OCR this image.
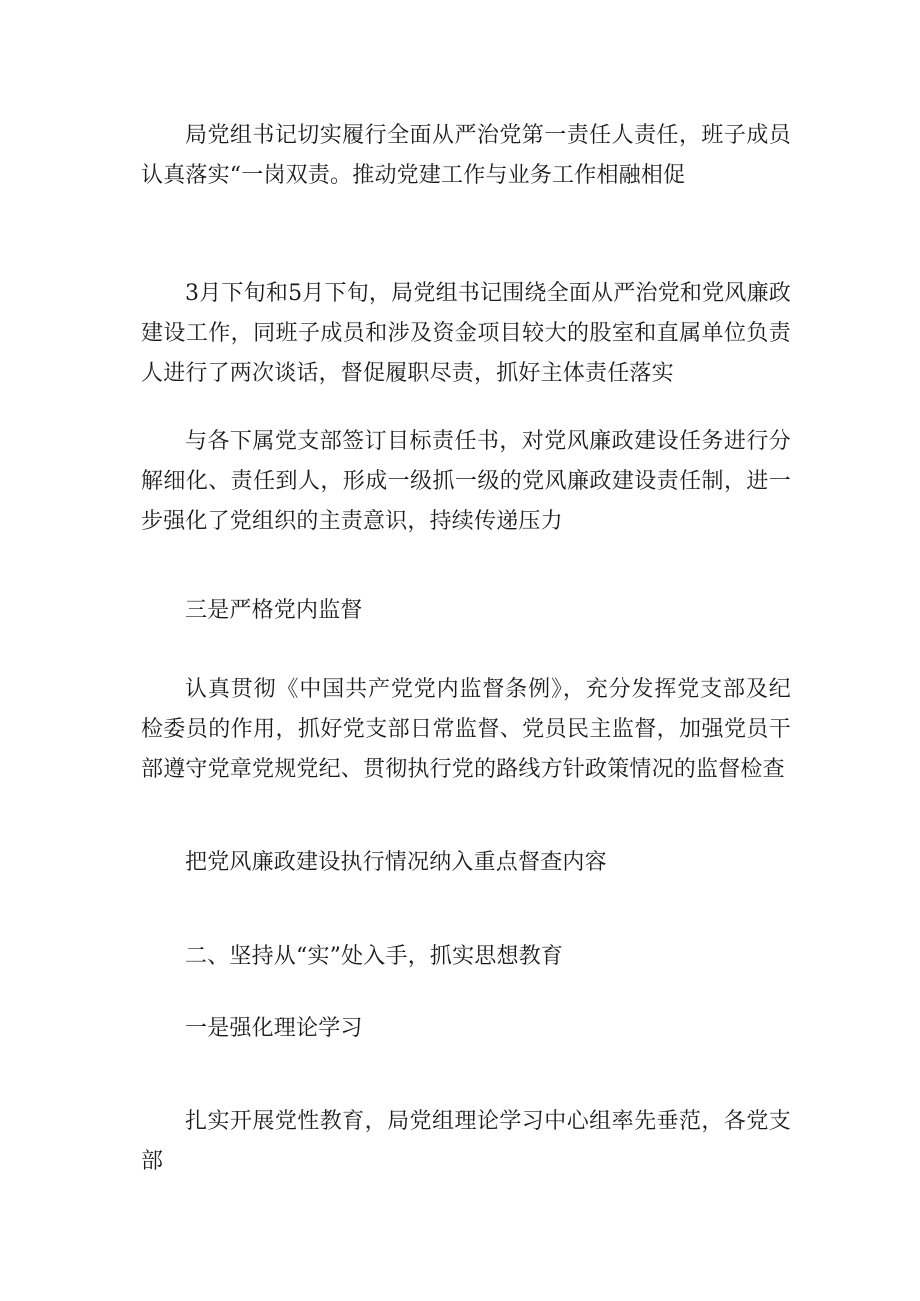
局党组书记切实履行全面从严治党第一责任人责任，班子成员认真落实“一岗双责。推动党建工作与业务工作相融相促

3月下旬和5月下旬，局党组书记围绕全面从严治党和党风廉政建设工作，同班子成员和涉及资金项目较大的股室和直属单位负责人进行了两次谈话，督促履职尽责，抓好主体责任落实

与各下属党支部签订目标责任书，对党风廉政建设任务进行分解细化、责任到人，形成一级抓一级的党风廉政建设责任制，进一步强化了党组织的主责意识，持续传递压力

三是严格党内监督

认真贯彻《中国共产党党内监督条例》，充分发挥党支部及纪检委员的作用，抓好党支部日常监督、党员民主监督，加强党员干部遵守党章党规党纪、贯彻执行党的路线方针政策情况的监督检查

把党风廉政建设执行情况纳入重点督查内容

二、坚持从“实”处入手，抓实思想教育

一是强化理论学习

扎实开展党性教育，局党组理论学习中心组率先垂范，各党支部
